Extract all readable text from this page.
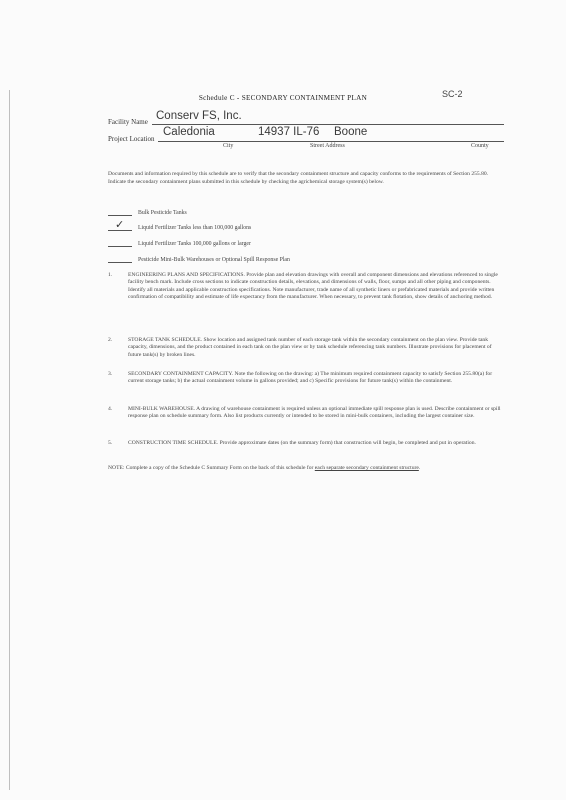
Schedule C - SECONDARY CONTAINMENT PLAN	SC-2
Facility Name Conserv FS, Inc.
Project Location
Caledonia	14937 IL-76 Boone
City	Street Address	County
Documents and information required by this schedule are to verify that the secondary containment structure and capacity conforms to the requirements of Section 255.80. Indicate the secondary containment plans submitted in this schedule by checking the agrichemical storage system(s) below.
Bulk Pesticide Tanks
✓ Liquid Fertilizer Tanks less than 100,000 gallons
Liquid Fertilizer Tanks 100,000 gallons or larger
Pesticide Mini-Bulk Warehouses or Optional Spill Response Plan
1.	ENGINEERING PLANS AND SPECIFICATIONS. Provide plan and elevation drawings with overall and component dimensions and elevations referenced to single facility bench mark. Include cross sections to indicate construction details, elevations, and dimensions of walls, floor, sumps and all other piping and components. Identify all materials and applicable construction specifications. Note manufacturer, trade name of all synthetic liners or prefabricated materials and provide written confirmation of compatibility and estimate of life expectancy from the manufacturer. When necessary, to prevent tank flotation, show details of anchoring method.
2.	STORAGE TANK SCHEDULE. Show location and assigned tank number of each storage tank within the secondary containment on the plan view. Provide tank capacity, dimensions, and the product contained in each tank on the plan view or by tank schedule referencing tank numbers. Illustrate provisions for placement of future tank(s) by broken lines.
3.	SECONDARY CONTAINMENT CAPACITY. Note the following on the drawing: a) The minimum required containment capacity to satisfy Section 255.80(a) for current storage tanks; b) the actual containment volume in gallons provided; and c) Specific provisions for future tank(s) within the containment.
4.	MINI-BULK WAREHOUSE. A drawing of warehouse containment is required unless an optional immediate spill response plan is used. Describe containment or spill response plan on schedule summary form. Also list products currently or intended to be stored in mini-bulk containers, including the largest container size.
5.	CONSTRUCTION TIME SCHEDULE. Provide approximate dates (on the summary form) that construction will begin, be completed and put in operation.
NOTE: Complete a copy of the Schedule C Summary Form on the back of this schedule for each separate secondary containment structure.
